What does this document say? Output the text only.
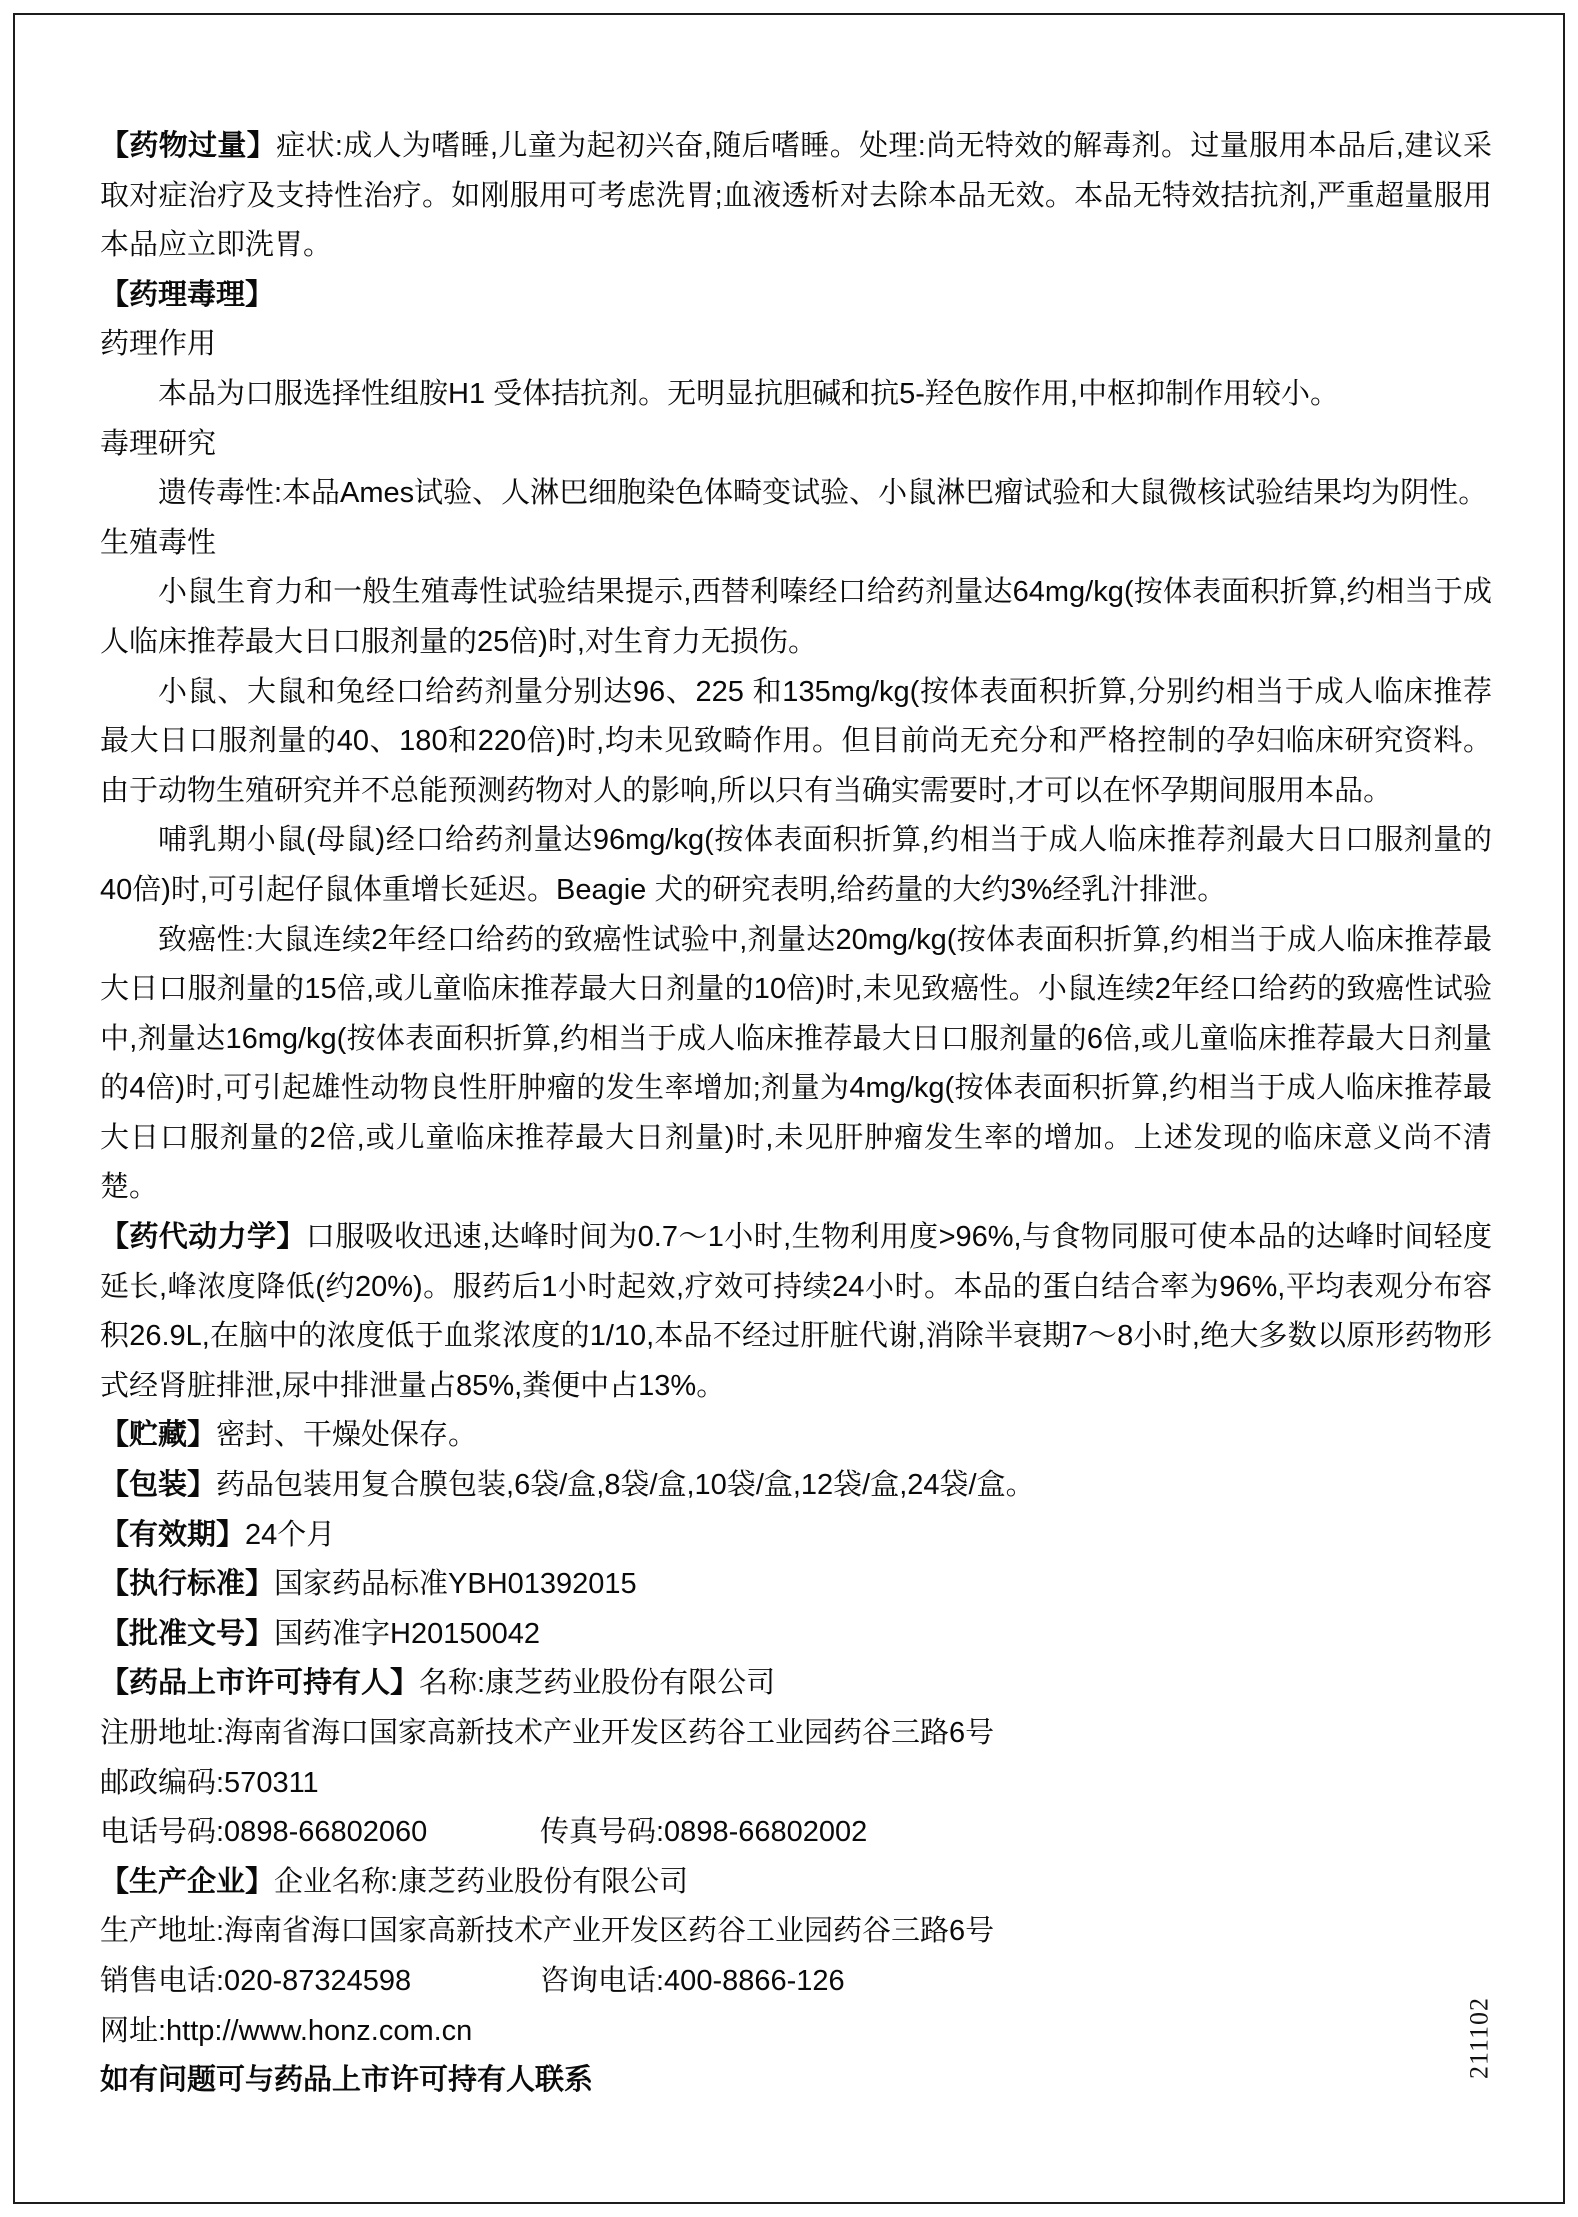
【药物过量】症状:成人为嗜睡,儿童为起初兴奋,随后嗜睡。处理:尚无特效的解毒剂。过量服用本品后,建议采取对症治疗及支持性治疗。如刚服用可考虑洗胃;血液透析对去除本品无效。本品无特效拮抗剂,严重超量服用本品应立即洗胃。

【药理毒理】

药理作用

本品为口服选择性组胺H1 受体拮抗剂。无明显抗胆碱和抗5-羟色胺作用,中枢抑制作用较小。

毒理研究

遗传毒性:本品Ames试验、人淋巴细胞染色体畸变试验、小鼠淋巴瘤试验和大鼠微核试验结果均为阴性。

生殖毒性

小鼠生育力和一般生殖毒性试验结果提示,西替利嗪经口给药剂量达64mg/kg(按体表面积折算,约相当于成人临床推荐最大日口服剂量的25倍)时,对生育力无损伤。

小鼠、大鼠和兔经口给药剂量分别达96、225 和135mg/kg(按体表面积折算,分别约相当于成人临床推荐最大日口服剂量的40、180和220倍)时,均未见致畸作用。但目前尚无充分和严格控制的孕妇临床研究资料。由于动物生殖研究并不总能预测药物对人的影响,所以只有当确实需要时,才可以在怀孕期间服用本品。

哺乳期小鼠(母鼠)经口给药剂量达96mg/kg(按体表面积折算,约相当于成人临床推荐剂最大日口服剂量的40倍)时,可引起仔鼠体重增长延迟。Beagie 犬的研究表明,给药量的大约3%经乳汁排泄。

致癌性:大鼠连续2年经口给药的致癌性试验中,剂量达20mg/kg(按体表面积折算,约相当于成人临床推荐最大日口服剂量的15倍,或儿童临床推荐最大日剂量的10倍)时,未见致癌性。小鼠连续2年经口给药的致癌性试验中,剂量达16mg/kg(按体表面积折算,约相当于成人临床推荐最大日口服剂量的6倍,或儿童临床推荐最大日剂量的4倍)时,可引起雄性动物良性肝肿瘤的发生率增加;剂量为4mg/kg(按体表面积折算,约相当于成人临床推荐最大日口服剂量的2倍,或儿童临床推荐最大日剂量)时,未见肝肿瘤发生率的增加。上述发现的临床意义尚不清楚。

【药代动力学】口服吸收迅速,达峰时间为0.7～1小时,生物利用度>96%,与食物同服可使本品的达峰时间轻度延长,峰浓度降低(约20%)。服药后1小时起效,疗效可持续24小时。本品的蛋白结合率为96%,平均表观分布容积26.9L,在脑中的浓度低于血浆浓度的1/10,本品不经过肝脏代谢,消除半衰期7～8小时,绝大多数以原形药物形式经肾脏排泄,尿中排泄量占85%,粪便中占13%。

【贮藏】密封、干燥处保存。

【包装】药品包装用复合膜包装,6袋/盒,8袋/盒,10袋/盒,12袋/盒,24袋/盒。

【有效期】24个月

【执行标准】国家药品标准YBH01392015

【批准文号】国药准字H20150042

【药品上市许可持有人】名称:康芝药业股份有限公司

注册地址:海南省海口国家高新技术产业开发区药谷工业园药谷三路6号

邮政编码:570311

电话号码:0898-66802060	传真号码:0898-66802002

【生产企业】企业名称:康芝药业股份有限公司

生产地址:海南省海口国家高新技术产业开发区药谷工业园药谷三路6号

销售电话:020-87324598	咨询电话:400-8866-126

网址:http://www.honz.com.cn

如有问题可与药品上市许可持有人联系

211102
